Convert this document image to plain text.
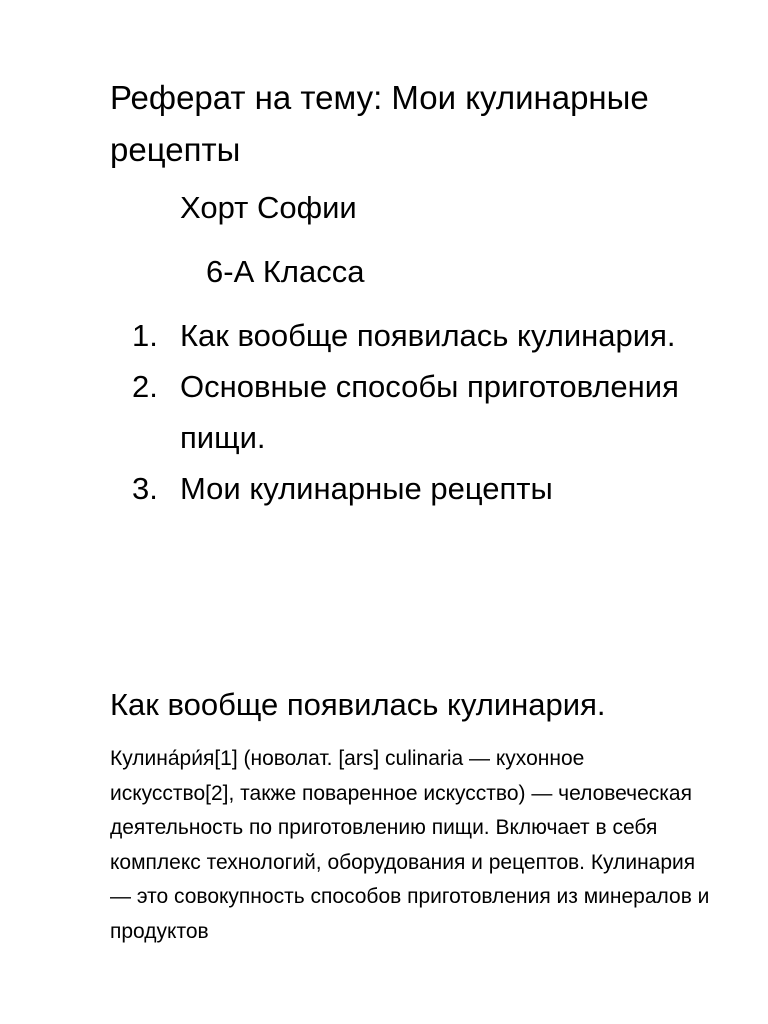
Реферат на тему: Мои кулинарные рецепты

Хорт Софии

6-А Класса

1. Как вообще появилась кулинария.
2. Основные способы приготовления пищи.
3. Мои кулинарные рецепты
Как вообще появилась кулинария.

Кулина́ри́я[1] (новолат. [ars] culinaria — кухонное искусство[2], также поваренное искусство) — человеческая деятельность по приготовлению пищи. Включает в себя комплекс технологий, оборудования и рецептов. Кулинария — это совокупность способов приготовления из минералов и продуктов
